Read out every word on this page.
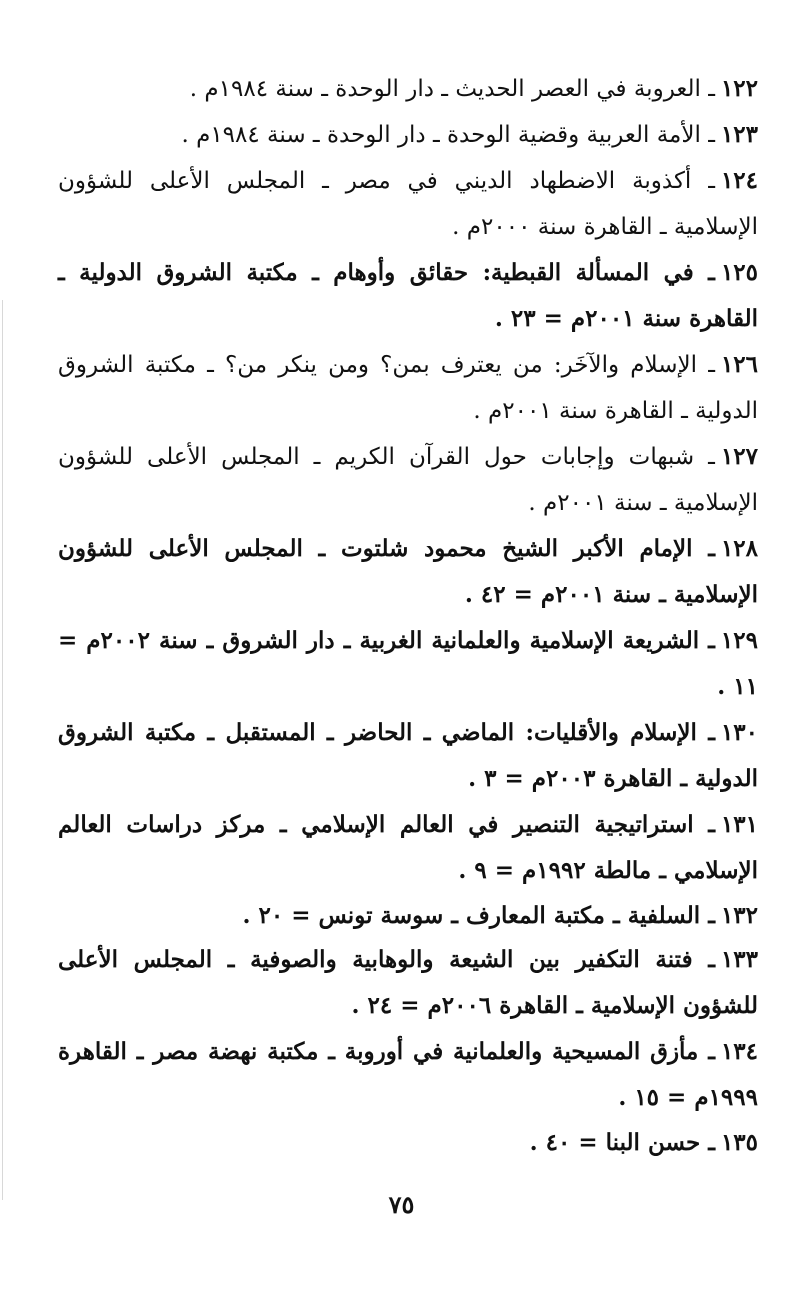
١٢٢ـ العروبة في العصر الحديث ـ دار الوحدة ـ سنة ١٩٨٤م .
١٢٣ـ الأمة العربية وقضية الوحدة ـ دار الوحدة ـ سنة ١٩٨٤م .
١٢٤ـ أكذوبة الاضطهاد الديني في مصر ـ المجلس الأعلى للشؤون الإسلامية ـ القاهرة سنة ٢٠٠٠م .
١٢٥ـ في المسألة القبطية: حقائق وأوهام ـ مكتبة الشروق الدولية ـ القاهرة سنة ٢٠٠١م = ٢٣ .
١٢٦ـ الإسلام والآخَر: من يعترف بمن؟ ومن ينكر من؟ ـ مكتبة الشروق الدولية ـ القاهرة سنة ٢٠٠١م .
١٢٧ـ شبهات وإجابات حول القرآن الكريم ـ المجلس الأعلى للشؤون الإسلامية ـ سنة ٢٠٠١م .
١٢٨ـ الإمام الأكبر الشيخ محمود شلتوت ـ المجلس الأعلى للشؤون الإسلامية ـ سنة ٢٠٠١م = ٤٢ .
١٢٩ـ الشريعة الإسلامية والعلمانية الغربية ـ دار الشروق ـ سنة ٢٠٠٢م = ١١ .
١٣٠ـ الإسلام والأقليات: الماضي ـ الحاضر ـ المستقبل ـ مكتبة الشروق الدولية ـ القاهرة ٢٠٠٣م = ٣ .
١٣١ـ استراتيجية التنصير في العالم الإسلامي ـ مركز دراسات العالم الإسلامي ـ مالطة ١٩٩٢م = ٩ .
١٣٢ـ السلفية ـ مكتبة المعارف ـ سوسة تونس = ٢٠ .
١٣٣ـ فتنة التكفير بين الشيعة والوهابية والصوفية ـ المجلس الأعلى للشؤون الإسلامية ـ القاهرة ٢٠٠٦م = ٢٤ .
١٣٤ـ مأزق المسيحية والعلمانية في أوروبة ـ مكتبة نهضة مصر ـ القاهرة ١٩٩٩م = ١٥ .
١٣٥ـ حسن البنا = ٤٠ .
٧٥
